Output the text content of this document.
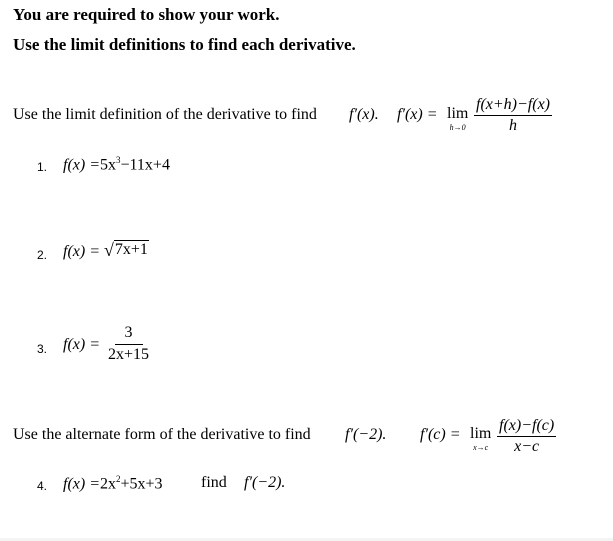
You are required to show your work.
Use the limit definitions to find each derivative.
Use the limit definition of the derivative to find f′(x). f′(x) = lim
$h\to 0 \frac{f(x+h)-f(x)}{h}$
1. $f(x) =5x^3-11x+4$
2. f(x) = √ 7x+1
3. $f(x) = \frac{3}{2x+15}$
Use the alternate form of the derivative to find f′(−2). f′(c) = lim
$x\to c \frac{f(x)-f(c)}{x-c}$
4. $f(x) =2x^2+5x+3$ find f′(−2).
